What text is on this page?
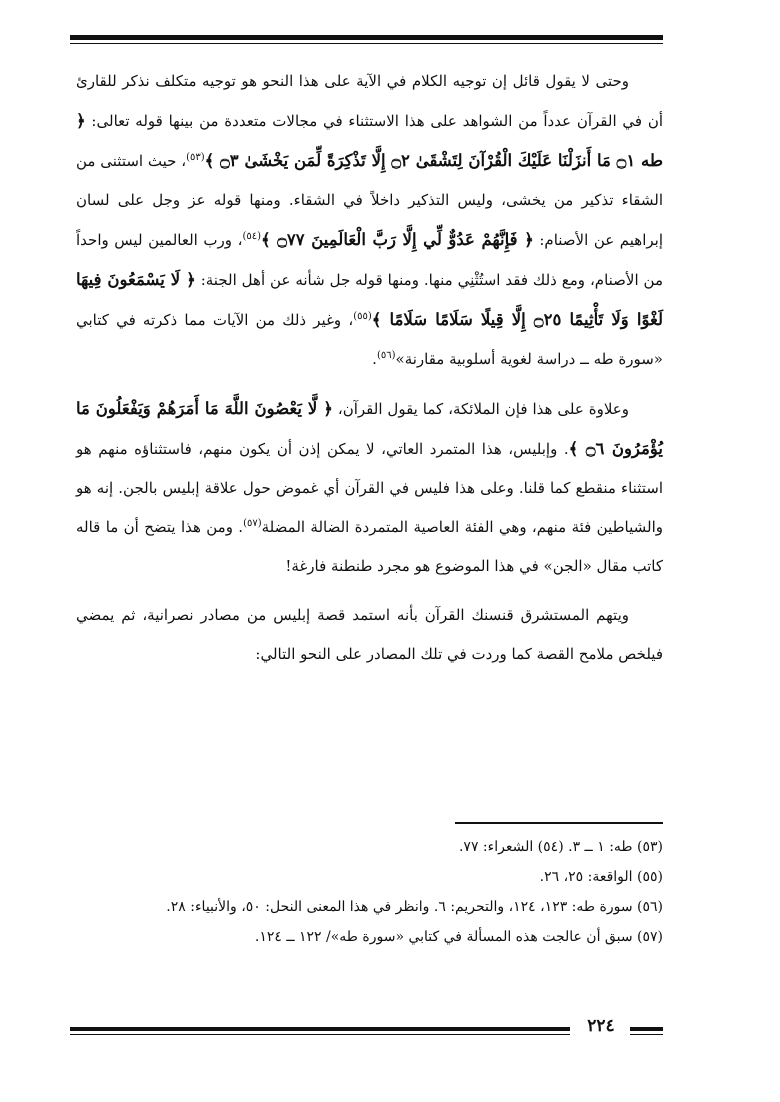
وحتى لا يقول قائل إن توجيه الكلام في الآية على هذا النحو هو توجيه متكلف نذكر للقارئ أن في القرآن عدداً من الشواهد على هذا الاستثناء في مجالات متعددة من بينها قوله تعالى: ﴿ طه ۝١ مَا أَنزَلْنَا عَلَيْكَ الْقُرْآنَ لِتَشْقَىٰ ۝٢ إِلَّا تَذْكِرَةً لِّمَن يَخْشَىٰ ۝٣ ﴾$^{(٥٣)}$، حيث استثنى من الشقاء تذكير من يخشى، وليس التذكير داخلاً في الشقاء. ومنها قوله عز وجل على لسان إبراهيم عن الأصنام: ﴿ فَإِنَّهُمْ عَدُوٌّ لِّي إِلَّا رَبَّ الْعَالَمِينَ ۝٧٧ ﴾$^{(٥٤)}$، ورب العالمين ليس واحداً من الأصنام، ومع ذلك فقد استُثْنِي منها. ومنها قوله جل شأنه عن أهل الجنة: ﴿ لَا يَسْمَعُونَ فِيهَا لَغْوًا وَلَا تَأْثِيمًا ۝٢٥ إِلَّا قِيلًا سَلَامًا سَلَامًا ﴾$^{(٥٥)}$، وغير ذلك من الآيات مما ذكرته في كتابي «سورة طه ــ دراسة لغوية أسلوبية مقارنة»$^{(٥٦)}$.

وعلاوة على هذا فإن الملائكة، كما يقول القرآن، ﴿ لَّا يَعْصُونَ اللَّهَ مَا أَمَرَهُمْ وَيَفْعَلُونَ مَا يُؤْمَرُونَ ۝٦ ﴾. وإبليس، هذا المتمرد العاتي، لا يمكن إذن أن يكون منهم، فاستثناؤه منهم هو استثناء منقطع كما قلنا. وعلى هذا فليس في القرآن أي غموض حول علاقة إبليس بالجن. إنه هو والشياطين فئة منهم، وهي الفئة العاصية المتمردة الضالة المضلة$^{(٥٧)}$. ومن هذا يتضح أن ما قاله كاتب مقال «الجن» في هذا الموضوع هو مجرد طنطنة فارغة!

ويتهم المستشرق قنسنك القرآن بأنه استمد قصة إبليس من مصادر نصرانية، ثم يمضي فيلخص ملامح القصة كما وردت في تلك المصادر على النحو التالي:

(٥٣) طه: ١ ــ ٣. (٥٤) الشعراء: ٧٧.

(٥٥) الواقعة: ٢٥، ٢٦.

(٥٦) سورة طه: ١٢٣، ١٢٤، والتحريم: ٦. وانظر في هذا المعنى النحل: ٥٠، والأنبياء: ٢٨.

(٥٧) سبق أن عالجت هذه المسألة في كتابي «سورة طه»/ ١٢٢ ــ ١٢٤.

٢٢٤
